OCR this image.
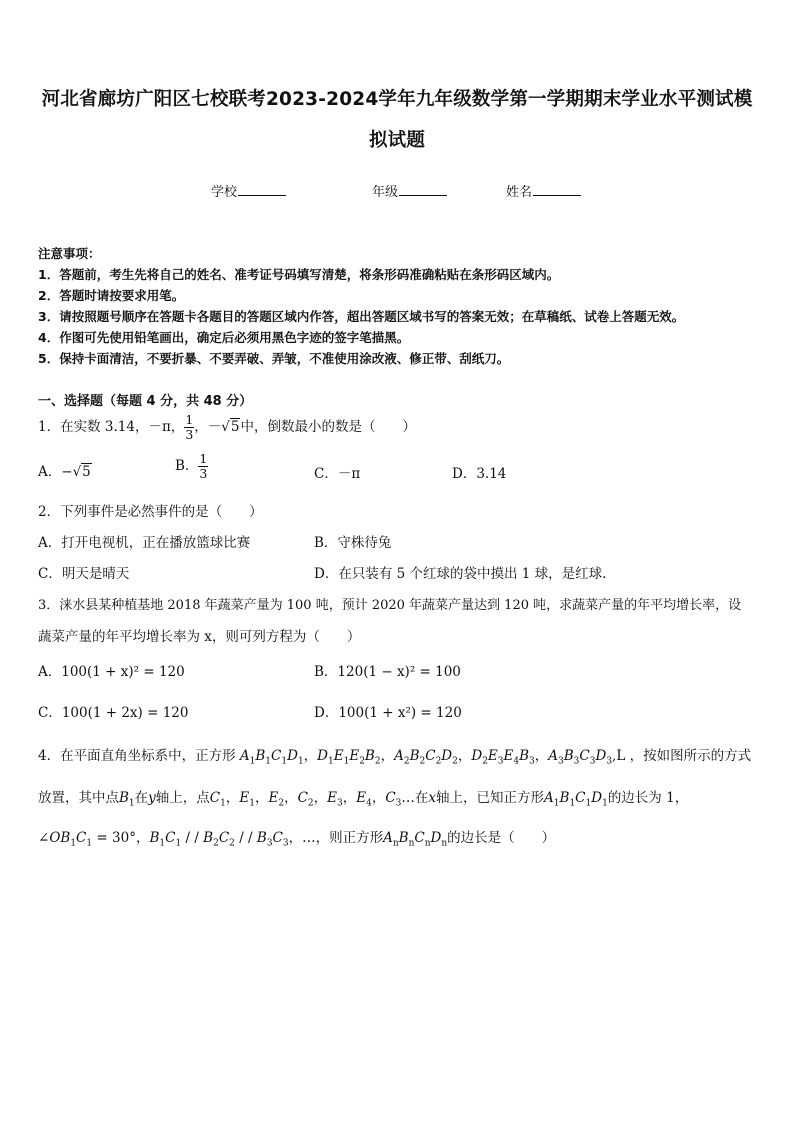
河北省廊坊广阳区七校联考2023-2024学年九年级数学第一学期期末学业水平测试模
拟试题
学校	年级	姓名
注意事项：
1．答题前，考生先将自己的姓名、准考证号码填写清楚，将条形码准确粘贴在条形码区域内。
2．答题时请按要求用笔。
3．请按照题号顺序在答题卡各题目的答题区域内作答，超出答题区域书写的答案无效；在草稿纸、试卷上答题无效。
4．作图可先使用铅笔画出，确定后必须用黑色字迹的签字笔描黑。
5．保持卡面清洁，不要折暴、不要弄破、弄皱，不准使用涂改液、修正带、刮纸刀。
一、选择题（每题 4 分，共 48 分）
1．在实数 3.14，－π， $\frac{1}{3}$ ，－√5中，倒数最小的数是（　　）
A．−√5	B． $\frac{1}{3}$	C．－π	D．3.14
2．下列事件是必然事件的是（　　）
A．打开电视机，正在播放篮球比赛	B．守株待兔
C．明天是晴天	D．在只装有 5 个红球的袋中摸出 1 球，是红球.
3．涞水县某种植基地 2018 年蔬菜产量为 100 吨，预计 2020 年蔬菜产量达到 120 吨，求蔬菜产量的年平均增长率，设
蔬菜产量的年平均增长率为 x，则可列方程为（　　）
A．100(1 + x)² = 120	B．120(1 − x)² = 100
C．100(1 + 2x) = 120	D．100(1 + x²) = 120
4．在平面直角坐标系中，正方形 $A_1B_1C_1D_1$，$D_1E_1E_2B_2$，$A_2B_2C_2D_2$，$D_2E_3E_4B_3$，$A_3B_3C_3D_3,L$ ，按如图所示的方式
放置，其中点$B_1$在y轴上，点$C_1$，$E_1$，$E_2$，$C_2$，$E_3$，$E_4$，$C_3\dots$在x轴上，已知正方形$A_1B_1C_1D_1$的边长为 1，
$\angle OB_1C_1 = 30^\circ$，$B_1C_1$ / / $B_2C_2$ / / $B_3C_3$，…，则正方形$A_nB_nC_nD_n$的边长是（　　）
